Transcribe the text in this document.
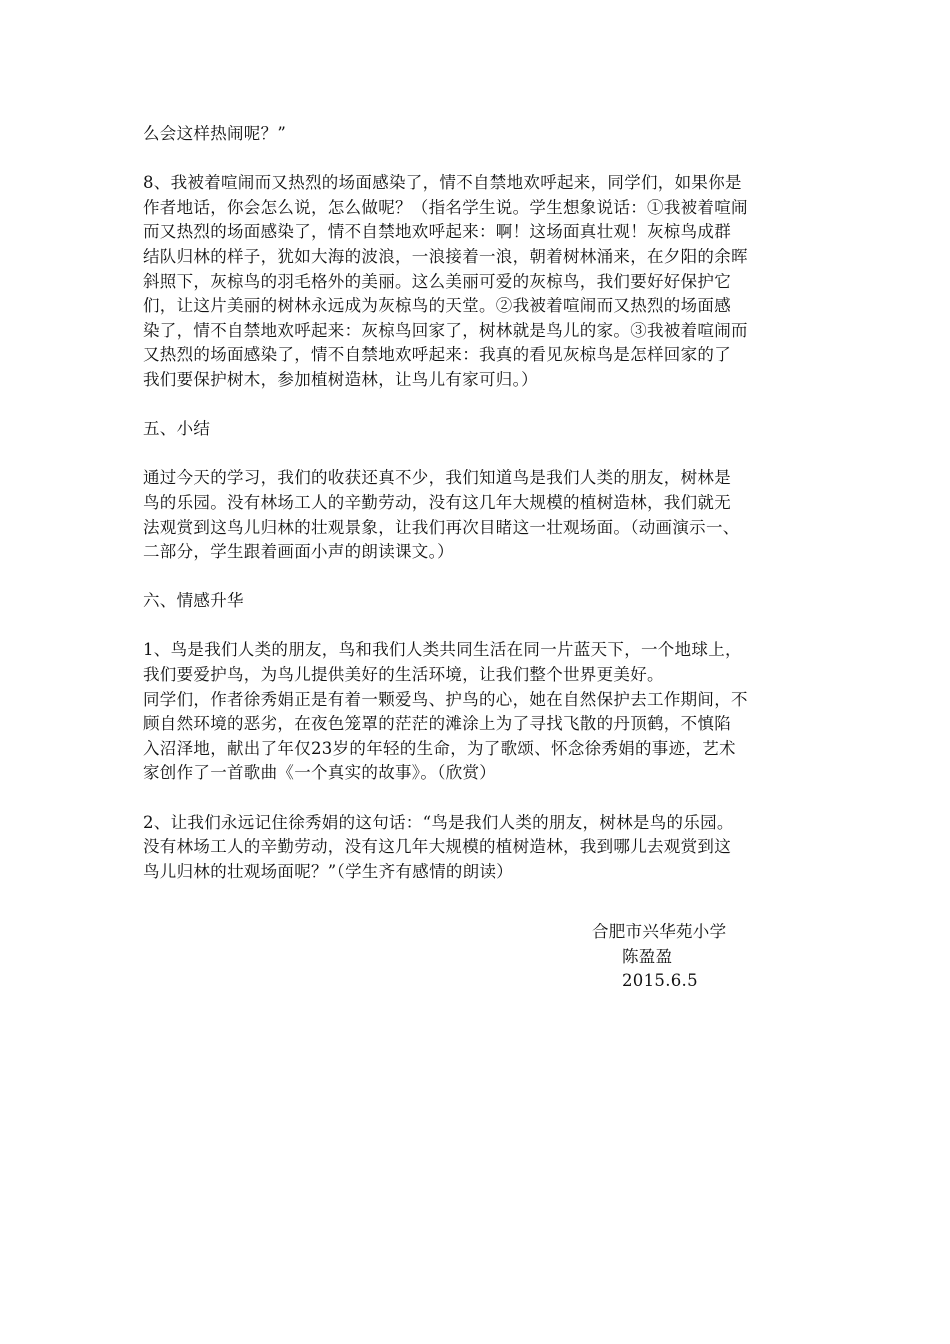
么会这样热闹呢？”

8、我被着喧闹而又热烈的场面感染了，情不自禁地欢呼起来，同学们，如果你是
作者地话，你会怎么说，怎么做呢？（指名学生说。学生想象说话：①我被着喧闹
而又热烈的场面感染了，情不自禁地欢呼起来：啊！这场面真壮观！灰椋鸟成群
结队归林的样子，犹如大海的波浪，一浪接着一浪，朝着树林涌来，在夕阳的余晖
斜照下，灰椋鸟的羽毛格外的美丽。这么美丽可爱的灰椋鸟，我们要好好保护它
们，让这片美丽的树林永远成为灰椋鸟的天堂。②我被着喧闹而又热烈的场面感
染了，情不自禁地欢呼起来：灰椋鸟回家了，树林就是鸟儿的家。③我被着喧闹而
又热烈的场面感染了，情不自禁地欢呼起来：我真的看见灰椋鸟是怎样回家的了
我们要保护树木，参加植树造林，让鸟儿有家可归。）

五、小结

通过今天的学习，我们的收获还真不少，我们知道鸟是我们人类的朋友，树林是
鸟的乐园。没有林场工人的辛勤劳动，没有这几年大规模的植树造林，我们就无
法观赏到这鸟儿归林的壮观景象，让我们再次目睹这一壮观场面。（动画演示一、
二部分，学生跟着画面小声的朗读课文。）

六、情感升华

1、鸟是我们人类的朋友，鸟和我们人类共同生活在同一片蓝天下，一个地球上，
我们要爱护鸟，为鸟儿提供美好的生活环境，让我们整个世界更美好。
同学们，作者徐秀娟正是有着一颗爱鸟、护鸟的心，她在自然保护去工作期间，不
顾自然环境的恶劣，在夜色笼罩的茫茫的滩涂上为了寻找飞散的丹顶鹤，不慎陷
入沼泽地，献出了年仅23岁的年轻的生命，为了歌颂、怀念徐秀娟的事迹，艺术
家创作了一首歌曲《一个真实的故事》。（欣赏）

2、让我们永远记住徐秀娟的这句话：“鸟是我们人类的朋友，树林是鸟的乐园。
没有林场工人的辛勤劳动，没有这几年大规模的植树造林，我到哪儿去观赏到这
鸟儿归林的壮观场面呢？”（学生齐有感情的朗读）

合肥市兴华苑小学
陈盈盈
2015.6.5
